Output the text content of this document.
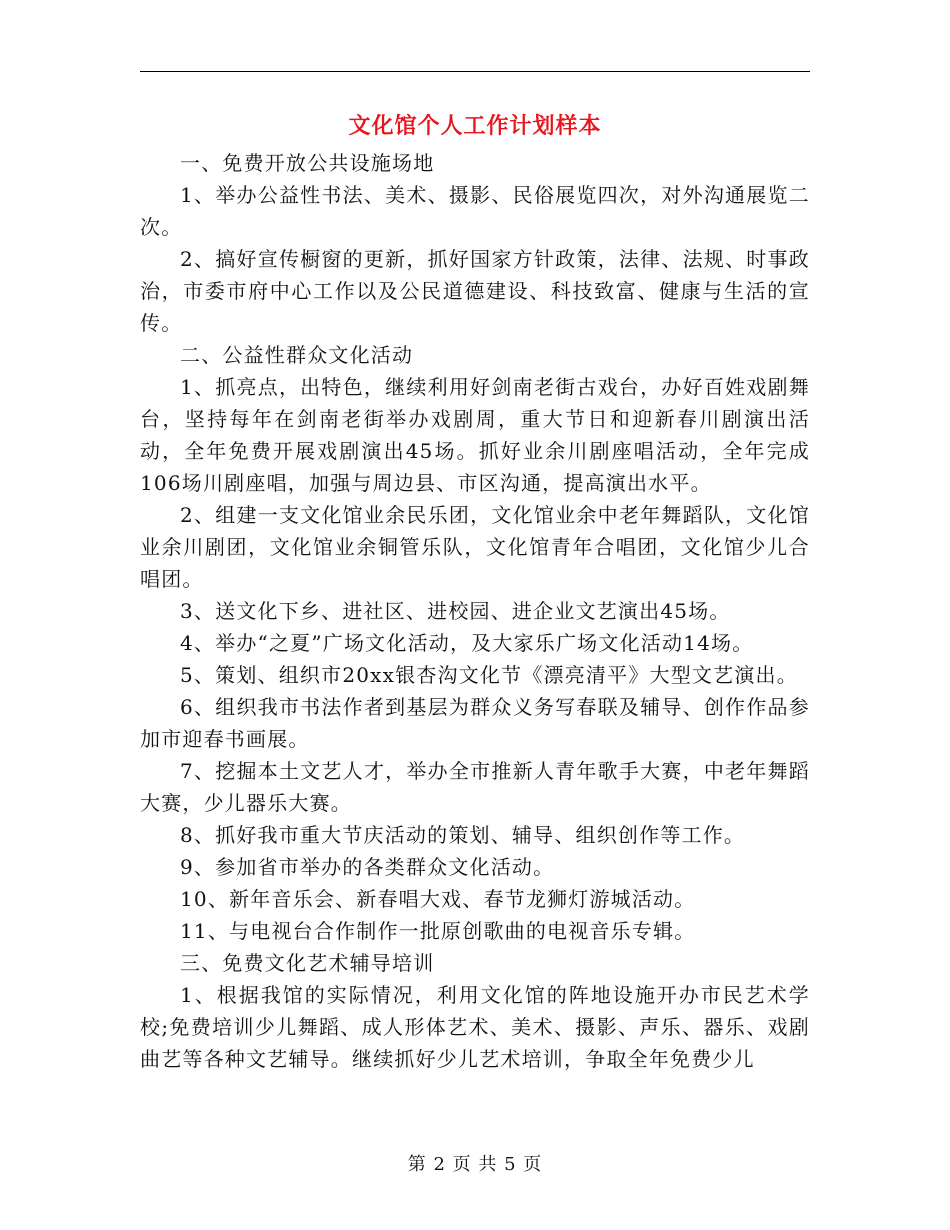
文化馆个人工作计划样本

一、免费开放公共设施场地

1、举办公益性书法、美术、摄影、民俗展览四次，对外沟通展览二次。

2、搞好宣传橱窗的更新，抓好国家方针政策，法律、法规、时事政治，市委市府中心工作以及公民道德建设、科技致富、健康与生活的宣传。

二、公益性群众文化活动

1、抓亮点，出特色，继续利用好剑南老街古戏台，办好百姓戏剧舞台，坚持每年在剑南老街举办戏剧周，重大节日和迎新春川剧演出活动，全年免费开展戏剧演出45场。抓好业余川剧座唱活动，全年完成106场川剧座唱，加强与周边县、市区沟通，提高演出水平。

2、组建一支文化馆业余民乐团，文化馆业余中老年舞蹈队，文化馆业余川剧团，文化馆业余铜管乐队，文化馆青年合唱团，文化馆少儿合唱团。

3、送文化下乡、进社区、进校园、进企业文艺演出45场。

4、举办“之夏”广场文化活动，及大家乐广场文化活动14场。

5、策划、组织市20xx银杏沟文化节《漂亮清平》大型文艺演出。

6、组织我市书法作者到基层为群众义务写春联及辅导、创作作品参加市迎春书画展。

7、挖掘本土文艺人才，举办全市推新人青年歌手大赛，中老年舞蹈大赛，少儿器乐大赛。

8、抓好我市重大节庆活动的策划、辅导、组织创作等工作。

9、参加省市举办的各类群众文化活动。

10、新年音乐会、新春唱大戏、春节龙狮灯游城活动。

11、与电视台合作制作一批原创歌曲的电视音乐专辑。

三、免费文化艺术辅导培训

1、根据我馆的实际情况，利用文化馆的阵地设施开办市民艺术学校;免费培训少儿舞蹈、成人形体艺术、美术、摄影、声乐、器乐、戏剧曲艺等各种文艺辅导。继续抓好少儿艺术培训，争取全年免费少儿

第 2 页 共 5 页
